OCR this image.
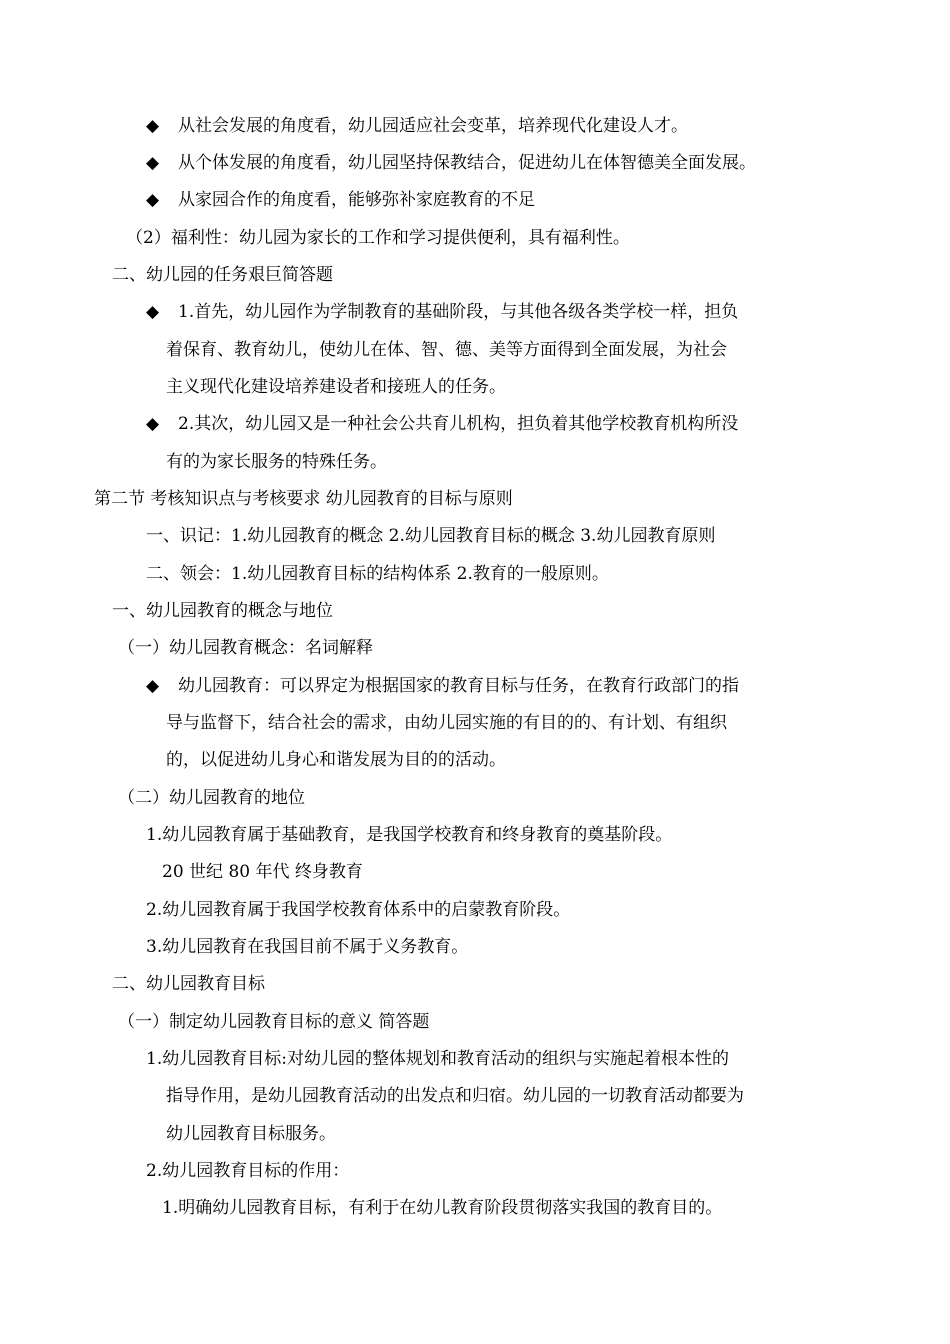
◆ 从社会发展的角度看，幼儿园适应社会变革，培养现代化建设人才。
◆ 从个体发展的角度看，幼儿园坚持保教结合，促进幼儿在体智德美全面发展。
◆ 从家园合作的角度看，能够弥补家庭教育的不足
（2）福利性：幼儿园为家长的工作和学习提供便利，具有福利性。
二、幼儿园的任务艰巨简答题
◆ 1.首先，幼儿园作为学制教育的基础阶段，与其他各级各类学校一样，担负
着保育、教育幼儿，使幼儿在体、智、德、美等方面得到全面发展，为社会
主义现代化建设培养建设者和接班人的任务。
◆ 2.其次，幼儿园又是一种社会公共育儿机构，担负着其他学校教育机构所没
有的为家长服务的特殊任务。
第二节 考核知识点与考核要求 幼儿园教育的目标与原则
一、识记：1.幼儿园教育的概念 2.幼儿园教育目标的概念 3.幼儿园教育原则
二、领会：1.幼儿园教育目标的结构体系 2.教育的一般原则。
一、幼儿园教育的概念与地位
（一）幼儿园教育概念：名词解释
◆ 幼儿园教育：可以界定为根据国家的教育目标与任务，在教育行政部门的指
导与监督下，结合社会的需求，由幼儿园实施的有目的的、有计划、有组织
的，以促进幼儿身心和谐发展为目的的活动。
（二）幼儿园教育的地位
1.幼儿园教育属于基础教育，是我国学校教育和终身教育的奠基阶段。
20 世纪 80 年代 终身教育
2.幼儿园教育属于我国学校教育体系中的启蒙教育阶段。
3.幼儿园教育在我国目前不属于义务教育。
二、幼儿园教育目标
（一）制定幼儿园教育目标的意义 简答题
1.幼儿园教育目标:对幼儿园的整体规划和教育活动的组织与实施起着根本性的
指导作用，是幼儿园教育活动的出发点和归宿。幼儿园的一切教育活动都要为
幼儿园教育目标服务。
2.幼儿园教育目标的作用：
1.明确幼儿园教育目标，有利于在幼儿教育阶段贯彻落实我国的教育目的。
